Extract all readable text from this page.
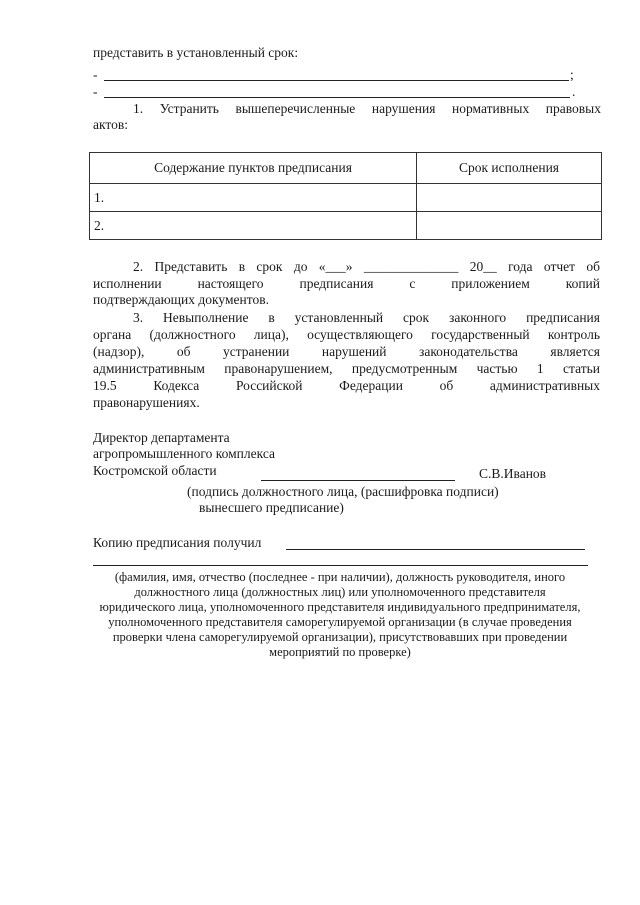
представить в установленный срок:
-	;
-	.
1. Устранить вышеперечисленные нарушения нормативных правовых
актов:
Содержание пунктов предписания	Срок исполнения
1.	
2.	
2. Представить в срок до «___» ______________ 20__ года отчет об
исполнении настоящего предписания с приложением копий
подтверждающих документов.
3. Невыполнение в установленный срок законного предписания
органа (должностного лица), осуществляющего государственный контроль
(надзор), об устранении нарушений законодательства является
административным правонарушением, предусмотренным частью 1 статьи
19.5 Кодекса Российской Федерации об административных
правонарушениях.
Директор департамента
агропромышленного комплекса
Костромской области	С.В.Иванов
(подпись должностного лица, (расшифровка подписи)
вынесшего предписание)
Копию предписания получил
(фамилия, имя, отчество (последнее - при наличии), должность руководителя, иного
должностного лица (должностных лиц) или уполномоченного представителя
юридического лица, уполномоченного представителя индивидуального предпринимателя,
уполномоченного представителя саморегулируемой организации (в случае проведения
проверки члена саморегулируемой организации), присутствовавших при проведении
мероприятий по проверке)
